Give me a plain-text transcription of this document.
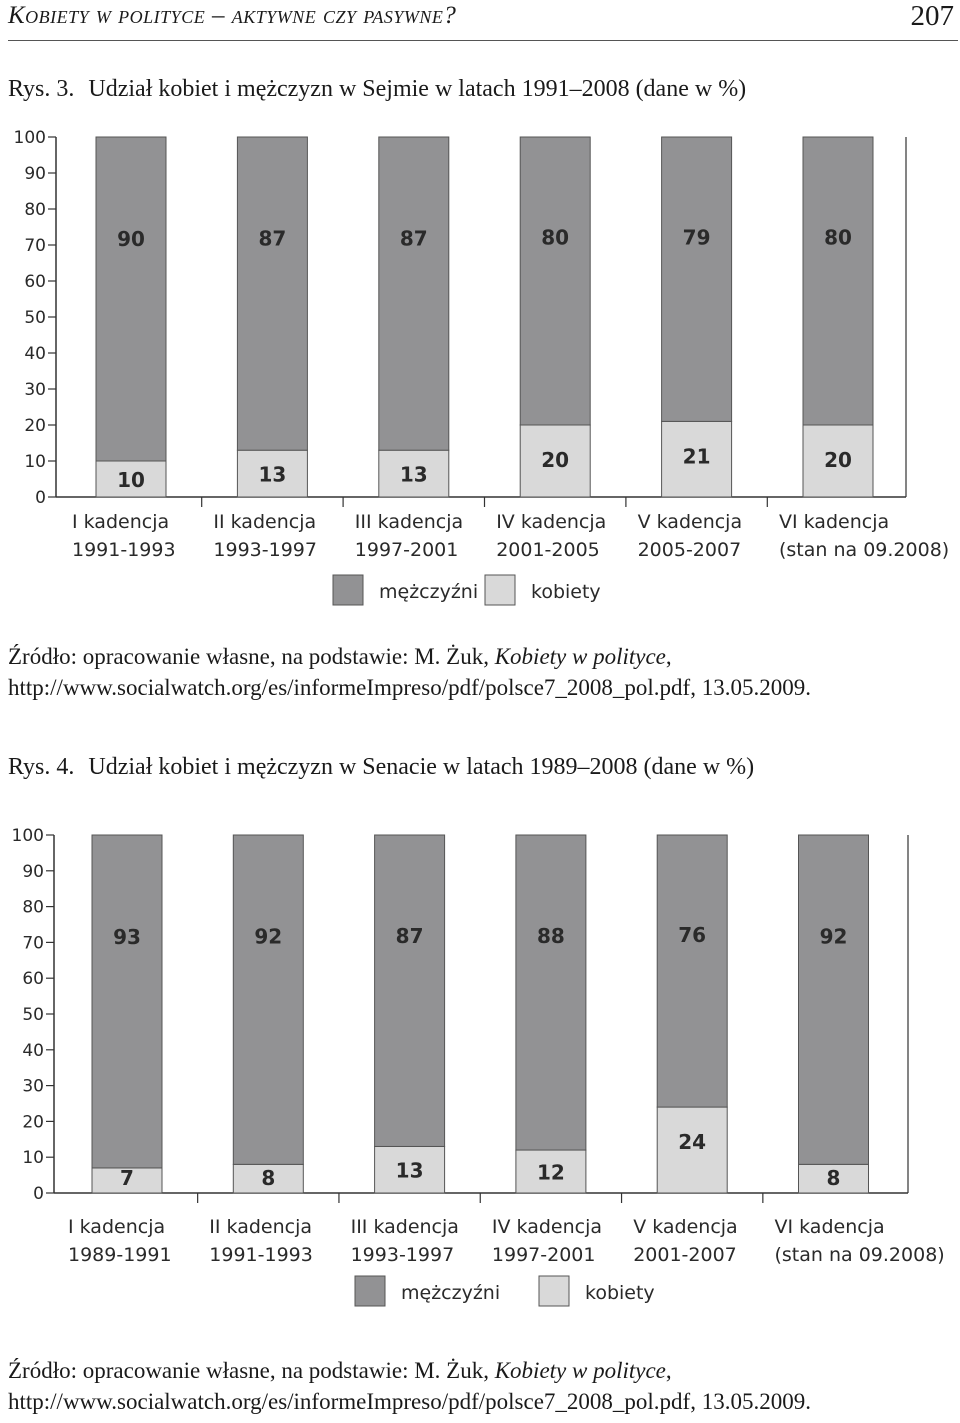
Kobiety w polityce – aktywne czy pasywne?	207
Rys. 3. Udział kobiet i mężczyzn w Sejmie w latach 1991–2008 (dane w %)
0
10
20
30
40
50
60
70
80
90
100
10
90
I kadencja
1991-1993
13
87
II kadencja
1993-1997
13
87
III kadencja
1997-2001
20
80
IV kadencja
2001-2005
21
79
V kadencja
2005-2007
20
80
VI kadencja
(stan na 09.2008)
mężczyźni	kobiety
Źródło: opracowanie własne, na podstawie: M. Żuk, Kobiety w polityce, http://www.socialwatch.org/es/informeImpreso/pdf/polsce7_2008_pol.pdf, 13.05.2009.
Rys. 4. Udział kobiet i mężczyzn w Senacie w latach 1989–2008 (dane w %)
0
10
20
30
40
50
60
70
80
90
100
7
93
I kadencja
1989-1991
8
92
II kadencja
1991-1993
13
87
III kadencja
1993-1997
12
88
IV kadencja
1997-2001
24
76
V kadencja
2001-2007
8
92
VI kadencja
(stan na 09.2008)
mężczyźni	kobiety
Źródło: opracowanie własne, na podstawie: M. Żuk, Kobiety w polityce, http://www.socialwatch.org/es/informeImpreso/pdf/polsce7_2008_pol.pdf, 13.05.2009.
